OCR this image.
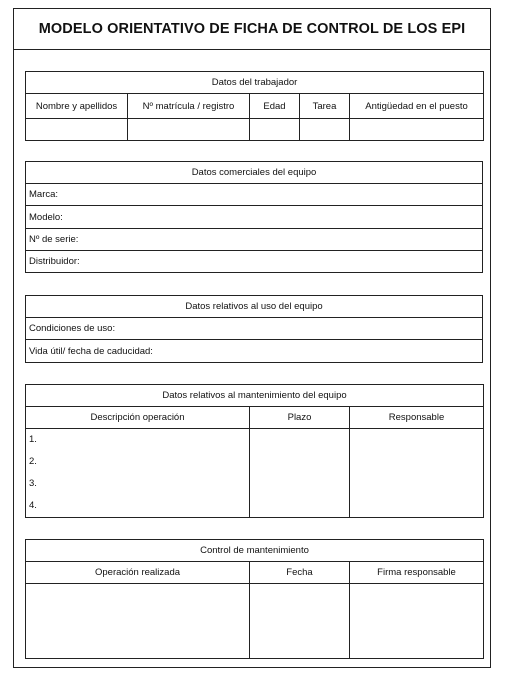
MODELO ORIENTATIVO DE FICHA DE CONTROL DE LOS EPI
Datos del trabajador				
Nombre y apellidos	Nº matrícula / registro	Edad	Tarea	Antigüedad en el puesto

Datos comerciales del equipo
Marca:
Modelo:
Nº de serie:
Distribuidor:
Datos relativos al uso del equipo
Condiciones de uso:
Vida útil/ fecha de caducidad:
Datos relativos al mantenimiento del equipo		
Descripción operación	Plazo	Responsable

1.
2.
3.
4.		

Control de mantenimiento		
Operación realizada	Fecha	Firma responsable
